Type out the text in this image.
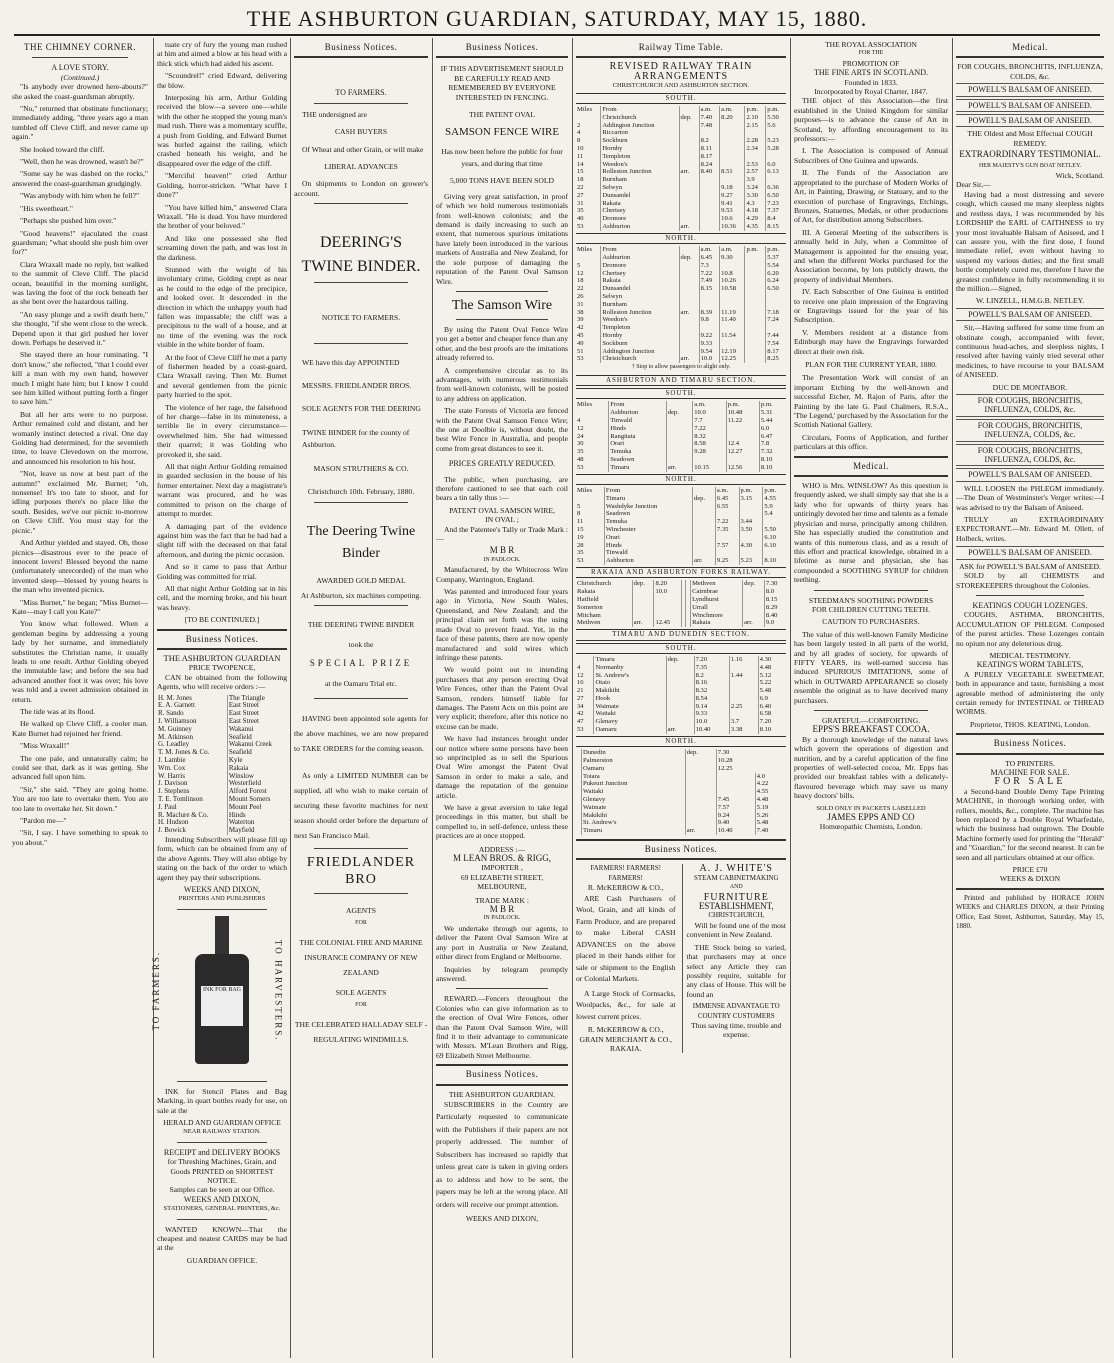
THE ASHBURTON GUARDIAN, SATURDAY, MAY 15, 1880.
THE CHIMNEY CORNER.
A LOVE STORY.
(Continued.)
"Is anybody ever drowned here-abouts?" she asked the coast-guardsman abruptly.
"No," returned that obstinate functionary; immediately adding, "three years ago a man tumbled off Cleve Cliff, and never came up again."
She looked toward the cliff.
"Well, then he was drowned, wasn't he?"
"Some say he was dashed on the rocks," answered the coast-guardsman grudgingly.
"Was anybody with him when he fell?"
"His sweetheart."
"Perhaps she pushed him over."
"Good heavens!" ejaculated the coast guardsman; "what should she push him over for?"
Clara Wraxall made no reply, but walked to the summit of Cleve Cliff. The placid ocean, beautiful in the morning sunlight, was laving the foot of the rock beneath her as she bent over the hazardous railing.
"An easy plunge and a swift death here," she thought, "if she went close to the wreck. Depend upon it that girl pushed her lover down. Perhaps he deserved it."
She stayed there an hour ruminating. "I don't know," she reflected, "that I could ever kill a man with my own hand, however much I might hate him; but I know I could see him killed without putting forth a finger to save him."
But all her arts were to no purpose. Arthur remained cold and distant, and her womanly instinct detected a rival. One day Golding had determined, for the seventieth time, to leave Clevedown on the morrow, and announced his resolution to his host.
"Not, leave us now at best part of the autumn!" exclaimed Mr. Burnet; "oh, nonsense! It's too late to shoot, and for idling purposes there's no place like the south. Besides, we've our picnic to-morrow on Cleve Cliff. You must stay for the picnic."
And Arthur yielded and stayed. Oh, those picnics—disastrous ever to the peace of innocent lovers! Blessed beyond the name (unfortunately unrecorded) of the man who invented sleep—blessed by young hearts is the man who invented picnics.
"Miss Burnet," he began; "Miss Burnet—Kate—may I call you Kate?"
You know what followed. When a gentleman begins by addressing a young lady by her surname, and immediately substitutes the Christian name, it usually leads to one result. Arthur Golding obeyed the immutable law; and before the sea had advanced another foot it was over; his love was told and a sweet admission obtained in return.
The tide was at its flood.
He walked up Cleve Cliff, a cooler man. Kate Burnet had rejoined her friend.
"Miss Wraxall!"
The one pale, and unnaturally calm; he could see that, dark as it was getting. She advanced full upon him.
"Sir," she said. "They are going home. You are too late to overtake them. You are too late to overtake her. Sit down."
"Pardon me—"
"Sit, I say. I have something to speak to you about."
tuate cry of fury the young man rushed at him and aimed a blow at his head with a thick stick which had aided his ascent.
"Scoundrel!" cried Edward, delivering the blow.
Interposing his arm, Arthur Golding received the blow—a severe one—while with the other he stopped the young man's mad rush. There was a momentary scuffle, a push from Golding, and Edward Burnet was hurled against the railing, which crashed beneath his weight, and he disappeared over the edge of the cliff.
"Merciful heaven!" cried Arthur Golding, horror-stricken. "What have I done?"
"You have killed him," answered Clara Wraxall. "He is dead. You have murdered the brother of your beloved."
And like one possessed she fled screaming down the path, and was lost in the darkness.
Stunned with the weight of his involuntary crime, Golding crept as near as he could to the edge of the precipice, and looked over. It descended in the direction in which the unhappy youth had fallen was impassable; the cliff was a precipitous to the wall of a house, and at no time of the evening was the rock visible in the white border of foam.
At the foot of Cleve Cliff he met a party of fishermen headed by a coast-guard, Clara Wraxall raving. Then Mr. Burnet and several gentlemen from the picnic party hurried to the spot.
The violence of her rage, the falsehood of her charge—false in its minuteness, a terrible lie in every circumstance—overwhelmed him. She had witnessed their quarrel; it was Golding who provoked it, she said.
All that night Arthur Golding remained in guarded seclusion in the house of his former entertainer. Next day a magistrate's warrant was procured, and he was committed to prison on the charge of attempt to murder.
A damaging part of the evidence against him was the fact that he had had a slight tiff with the deceased on that fatal afternoon, and during the picnic occasion.
And so it came to pass that Arthur Golding was committed for trial.
All that night Arthur Golding sat in his cell, and the morning broke, and his heart was heavy.
[TO BE CONTINUED.]
Business Notices.
THE ASHBURTON GUARDIAN
PRICE TWOPENCE,
CAN be obtained from the following Agents, who will receive orders :—
H. M. Jones	The Triangle
E. A. Garnett	East Street
R. Sando	East Street
J. Williamson	East Street
M. Guinney	Wakanui
M. Atkinson	Seafield
G. Leadley	Wakanui Creek
T. M. Jones & Co.	Seafield
J. Lambie	Kyle
Wm. Cox	Rakaia
W. Harris	Winslow
J. Davison	Westerfield
J. Stephens	Alford Forest
T. E. Tomlinson	Mount Somers
J. Paul	Mount Peel
R. Maclure & Co.	Hinds
H. Hudson	Waterton
J. Bowick	Mayfield
Intending Subscribers will please fill up form, which can be obtained from any of the above Agents. They will also oblige by stating on the back of the order to which agent they pay their subscriptions.
WEEKS AND DIXON,
PRINTERS AND PUBLISHERS
TO FARMERS.	TO HARVESTERS.
INK FOR BAG
INK for Stencil Plates and Bag Marking, in quart bottles ready for use, on sale at the
HERALD AND GUARDIAN OFFICE
NEAR RAILWAY STATION.
RECEIPT and DELIVERY BOOKS
for Threshing Machines, Grain, and Goods PRINTED on SHORTEST NOTICE.
Samples can be seen at our Office.
WEEKS AND DIXON,
STATIONERS, GENERAL PRINTERS, &c.
WANTED KNOWN—That the cheapest and neatest CARDS may be had at the
GUARDIAN OFFICE.
Business Notices.
TO FARMERS.
THE undersigned are
CASH BUYERS
Of Wheat and other Grain, or will make
LIBERAL ADVANCES
On shipments to London on grower's account.
DEERING'S
TWINE BINDER.
NOTICE TO FARMERS.
WE have this day APPOINTED
MESSRS. FRIEDLANDER BROS.
SOLE AGENTS FOR THE DEERING
TWINE BINDER for the county of
Ashburton.
MASON STRUTHERS & CO.
Christchurch 10th. February, 1880.
The Deering Twine
Binder
AWARDED GOLD MEDAL
At Ashburton, six machines competing.
THE DEERING TWINE BINDER
took the
SPECIAL PRIZE
at the Oamaru Trial etc.
HAVING been appointed sole agents for the above machines, we are now prepared to TAKE ORDERS for the coming season.
As only a LIMITED NUMBER can be supplied, all who wish to make certain of securing these favorite machines for next season should order before the departure of next San Francisco Mail.
FRIEDLANDER BRO
AGENTS
FOR
THE COLONIAL FIRE AND MARINE INSURANCE COMPANY OF NEW ZEALAND
SOLE AGENTS
FOR
THE CELEBRATED HALLADAY SELF - REGULATING WINDMILLS.
Business Notices.
IF THIS ADVERTISEMENT SHOULD BE CAREFULLY READ AND REMEMBERED BY EVERYONE INTERESTED IN FENCING.
THE PATENT OVAL
SAMSON FENCE WIRE
Has now been before the public for four years, and during that time
5,000 TONS HAVE BEEN SOLD
Giving very great satisfaction, in proof of which we hold numerous testimonials from well-known colonists; and the demand is daily increasing to such an extent, that numerous spurious imitations have lately been introduced in the various markets of Australia and New Zealand, for the sole purpose of damaging the reputation of the Patent Oval Samson Wire.
The Samson Wire
By using the Patent Oval Fence Wire you get a better and cheaper fence than any other, and the best proofs are the imitations already referred to.
A comprehensive circular as to its advantages, with numerous testimonials from well-known colonists, will be posted to any address on application.
The state Forests of Victoria are fenced with the Patent Oval Samson Fence Wire; the one at Doolbie is, without doubt, the best Wire Fence in Australia, and people come from great distances to see it.
PRICES GREATLY REDUCED.
The public, when purchasing, are therefore cautioned to see that each coil bears a tin tally thus :—
PATENT OVAL SAMSON WIRE,
IN OVAL ;
And the Patentee's Tally or Trade Mark :—
M B R
IN PADLOCK.
Manufactured, by the Whitecross Wire Company, Warrington, England.
Was patented and introduced four years ago in Victoria, New South Wales, Queensland, and New Zealand; and the principal claim set forth was the using made Oval to prevent fraud. Yet, in the face of these patents, there are now openly manufactured and sold wires which infringe these patents.
We would point out to intending purchasers that any person erecting Oval Wire Fences, other than the Patent Oval Samson, renders himself liable for damages. The Patent Acts on this point are very explicit; therefore, after this notice no excuse can be made.
We have had instances brought under our notice where some persons have been so unprincipled as to sell the Spurious Oval Wire amongst the Patent Oval Samson in order to make a sale, and damage the reputation of the genuine article.
We have a great aversion to take legal proceedings in this matter, but shall be compelled to, in self-defence, unless these practices are at once stopped.
ADDRESS :—
M LEAN BROS. & RIGG,
IMPORTER ,
69 ELIZABETH STREET, MELBOURNE,
TRADE MARK :
M B R
IN PADLOCK.
We undertake through our agents, to deliver the Patent Oval Samson Wire at any port in Australia or New Zealand, either direct from England or Melbourne.
Inquiries by telegram promptly answered.
REWARD.—Fencers throughout the Colonies who can give information as to the erection of Oval Wire Fences, other than the Patent Oval Samson Wire, will find it to their advantage to communicate with Messrs. M'Lean Brothers and Rigg, 69 Elizabeth Street Melbourne.
Business Notices.
THE ASHBURTON GUARDIAN.
SUBSCRIBERS in the Country are Particularly requested to communicate with the Publishers if their papers are not properly addressed. The number of Subscribers has increased so rapidly that unless great care is taken in giving orders as to address and how to be sent, the papers may be left at the wrong place. All orders will receive our prompt attention.
WEEKS AND DIXON,
Railway Time Table.
REVISED RAILWAY TRAIN ARRANGEMENTS
CHRISTCHURCH AND ASHBURTON SECTION.
SOUTH.
Miles	From		a.m.	a.m.	p.m.	p.m.
	Christchurch	dep.	7.40	8.20	2.10	5.50
2	Addington Junction		7.48		2.15	5.6
4	Riccarton					
8	Sockburn		8.2		2.28	5.23
10	Hornby		8.11		2.34	5.28
11	Templeton		8.17			
14	Weedon's		8.24		2.53	6.0
15	Rolleston Junction	arr.	8.40	8.51	2.57	6.13
18	Burnham				3.9	
22	Selwyn			9.18	3.24	6.36
27	Dunsandel			9.27	3.30	6.50
31	Rakaia			9.41	4.3	7.23
35	Chertsey			9.53	4.18	7.37
40	Dromore			10.6	4.29	8.4
53	Ashburton	arr.		10.36	4.35	8.15
NORTH.
Miles	From		a.m.	a.m.	p.m.	p.m.
	Ashburton	dep.	6.45	9.30		5.37
5	Dromore		7.3			5.54
12	Chertsey		7.22	10.8		6.20
18	Rakaia		7.49	10.26		6.24
22	Dunsandel		8.15	10.58		6.50
26	Selwyn					
31	Burnham					
38	Rolleston Junction	arr.	8.39	11.19		7.18
39	Weedon's		9.8	11.40		7.24
42	Templeton					
45	Hornby		9.22	11.54		7.44
49	Sockburn		9.33			7.54
51	Addington Junction		9.54	12.19		8.17
53	Christchurch	arr.	10.0	12.25		8.25
† Stop to allow passengers to alight only.
ASHBURTON AND TIMARU SECTION.
SOUTH.
Miles	From		a.m.	p.m.	p.m.
	Ashburton	dep.	10.0	10.48	5.31
4	Tinwald		7.7	11.22	5.44
12	Hinds		7.22		6.0
24	Rangitata		8.32		6.47
30	Orari		8.58	12.4	7.8
35	Temuka		9.28	12.27	7.32
48	Seadown				8.10
53	Timaru	arr.	10.15	12.56	8.10
NORTH.
Miles	From		a.m.	p.m.	p.m.
	Timaru	dep.	6.45	3.15	4.55
5	Washdyke Junction		6.55		5.9
8	Seadown				5.4
11	Temuka		7.22	3.44	
15	Winchester		7.35	3.50	5.50
19	Orari				6.10
28	Hinds		7.57	4.30	6.10
35	Tinwald				
53	Ashburton	arr.	9.25	5.23	8.10
RAKAIA AND ASHBURTON FORKS RAILWAY.
Christchurch	dep.	8.20			Methven	dep.	7.30
Rakaia		10.0			Cairnbrae		8.0
Hatfield					Lyndhurst		8.15
Somerton					Urrall		8.29
Mitcham					Winchmore		8.40
Methven	arr.	12.45			Rakaia	arr.	9.0
TIMARU AND DUNEDIN SECTION.
SOUTH.
	Timaru	dep.	7.20	1.16	4.30
4	Normanby		7.35		4.48
12	St. Andrew's		8.2	1.44	5.12
16	Otaio		8.16		5.22
21	Makikihi		8.32		5.48
27	Hook		8.54		6.9
34	Waimate		9.14	2.25	6.40
42	Waitaki		9.33		6.58
47	Glenavy		10.0	3.7	7.20
53	Oamaru	arr.	10.40	3.38	8.10
NORTH.
	Dunedin	dep.	7.30	
	Palmerston		10.28	
	Oamaru		12.25	
	Totara			4.0
	Pukeuri Junction			4.22
	Waitaki			4.55
	Glenavy		7.45	4.48
	Waimate		7.57	5.19
	Makikihi		9.24	5.26
	St. Andrew's		9.40	5.48
	Timaru	arr.	10.40	7.40
Business Notices.
FARMERS! FARMERS! FARMERS!
R. McKERROW & CO.,
ARE Cash Purchasers of Wool, Grain, and all kinds of Farm Produce, and are prepared to make Liberal CASH ADVANCES on the above placed in their hands either for sale or shipment to the English or Colonial Markets.
A Large Stock of Cornsacks, Woolpacks, &c., for sale at lowest current prices.
R. McKERROW & CO.,
GRAIN MERCHANT & CO.,
RAKAIA.
A. J. WHITE'S
STEAM CABINETMAKING
AND
FURNITURE
ESTABLISHMENT,
CHRISTCHURCH,
Will be found one of the most convenient in New Zealand.
THE Stock being so varied, that purchasers may at once select any Article they can possibly require, suitable for any class of House. This will be found an
IMMENSE ADVANTAGE TO COUNTRY CUSTOMERS
Thus saving time, trouble and expense.
THE ROYAL ASSOCIATION
FOR THE
PROMOTION OF
THE FINE ARTS IN SCOTLAND.
Founded in 1833.
Incorporated by Royal Charter, 1847.
THE object of this Association—the first established in the United Kingdom for similar purposes—is to advance the cause of Art in Scotland, by affording encouragement to its professors:—
I. The Association is composed of Annual Subscribers of One Guinea and upwards.
II. The Funds of the Association are appropriated to the purchase of Modern Works of Art, in Painting, Drawing, or Statuary, and to the execution of purchase of Engravings, Etchings, Bronzes, Statuettes, Medals, or other productions of Art, for distribution among Subscribers.
III. A General Meeting of the subscribers is annually held in July, when a Committee of Management is appointed for the ensuing year, and when the different Works purchased for the Association become, by lots publicly drawn, the property of individual Members.
IV. Each Subscriber of One Guinea is entitled to receive one plain impression of the Engraving or Engravings issued for the year of his Subscription.
V. Members resident at a distance from Edinburgh may have the Engravings forwarded direct at their own risk.
PLAN FOR THE CURRENT YEAR, 1880.
The Presentation Work will consist of an important Etching by the well-known and successful Etcher, M. Rajon of Paris, after the Painting by the late G. Paul Chalmers, R.S.A., 'The Legend,' purchased by the Association for the Scottish National Gallery.
Circulars, Forms of Application, and further particulars at this office.
Medical.
WHO is Mrs. WINSLOW? As this question is frequently asked, we shall simply say that she is a lady who for upwards of thirty years has untiringly devoted her time and talents as a female physician and nurse, principally among children. She has especially studied the constitution and wants of this numerous class, and as a result of this effort and practical knowledge, obtained in a lifetime as nurse and physician, she has compounded a SOOTHING SYRUP for children teething.
STEEDMAN'S SOOTHING POWDERS
FOR CHILDREN CUTTING TEETH.
CAUTION TO PURCHASERS.
The value of this well-known Family Medicine has been largely tested in all parts of the world, and by all grades of society, for upwards of FIFTY YEARS, its well-earned success has induced SPURIOUS IMITATIONS, some of which in OUTWARD APPEARANCE so closely resemble the original as to have deceived many purchasers.
GRATEFUL—COMFORTING.
EPPS'S BREAKFAST COCOA.
By a thorough knowledge of the natural laws which govern the operations of digestion and nutrition, and by a careful application of the fine properties of well-selected cocoa, Mr. Epps has provided our breakfast tables with a delicately-flavoured beverage which may save us many heavy doctors' bills.
SOLD ONLY IN PACKETS LABELLED
JAMES EPPS AND CO
Homœopathic Chemists, London.
Medical.
FOR COUGHS, BRONCHITIS, INFLUENZA, COLDS, &c.
POWELL'S BALSAM OF ANISEED.
POWELL'S BALSAM OF ANISEED.
POWELL'S BALSAM OF ANISEED.
THE Oldest and Most Effectual COUGH REMEDY.
EXTRAORDINARY TESTIMONIAL.
HER MAJESTY'S GUN BOAT NETLEY.
Wick, Scotland.
Dear Sir,—
Having had a most distressing and severe cough, which caused me many sleepless nights and restless days, I was recommended by his LORDSHIP the EARL of CAITHNESS to try your most invaluable Balsam of Aniseed, and I can assure you, with the first dose, I found immediate relief, even without having to suspend my various duties; and the first small bottle completely cured me, therefore I have the greatest confidence in fully recommending it to the million.—Signed,
W. LINZELL, H.M.G.B. NETLEY.
POWELL'S BALSAM OF ANISEED.
Sir,—Having suffered for some time from an obstinate cough, accompanied with fever, continuous head-aches, and sleepless nights, I resolved after having vainly tried several other medicines, to have recourse to your BALSAM of ANISEED.
DUC DE MONTABOR.
FOR COUGHS, BRONCHITIS, INFLUENZA, COLDS, &c.
FOR COUGHS, BRONCHITIS, INFLUENZA, COLDS, &c.
FOR COUGHS, BRONCHITIS, INFLUENZA, COLDS, &c.
POWELL'S BALSAM OF ANISEED.
WILL LOOSEN the PHLEGM immediately.—The Dean of Westminster's Verger writes:—I was advised to try the Balsam of Aniseed.
TRULY an EXTRAORDINARY EXPECTORANT.—Mr. Edward M. Ollett, of Holbeck, writes.
POWELL'S BALSAM OF ANISEED.
ASK for POWELL'S BALSAM of ANISEED.
SOLD by all CHEMISTS and STOREKEEPERS throughout the Colonies.
KEATINGS COUGH LOZENGES.
COUGHS, ASTHMA, BRONCHITIS, ACCUMULATION OF PHLEGM. Composed of the purest articles. These Lozenges contain no opium nor any deleterious drug.
MEDICAL TESTIMONY.
KEATING'S WORM TABLETS,
A PURELY VEGETABLE SWEETMEAT, both in appearance and taste, furnishing a most agreeable method of administering the only certain remedy for INTESTINAL or THREAD WORMS.
Proprietor, THOS. KEATING, London.
Business Notices.
TO PRINTERS.
MACHINE FOR SALE.
FOR SALE
a Second-hand Double Demy Tape Printing MACHINE, in thorough working order, with rollers, moulds, &c., complete. The machine has been replaced by a Double Royal Wharfedale, which the business had outgrown. The Double Machine formerly used for printing the "Herald" and "Guardian," for the second nearest. It can be seen and all particulars obtained at our office.
PRICE £70
WEEKS & DIXON
Printed and published by HORACE JOHN WEEKS and CHARLES DIXON, at their Printing Office, East Street, Ashburton, Saturday, May 15, 1880.
